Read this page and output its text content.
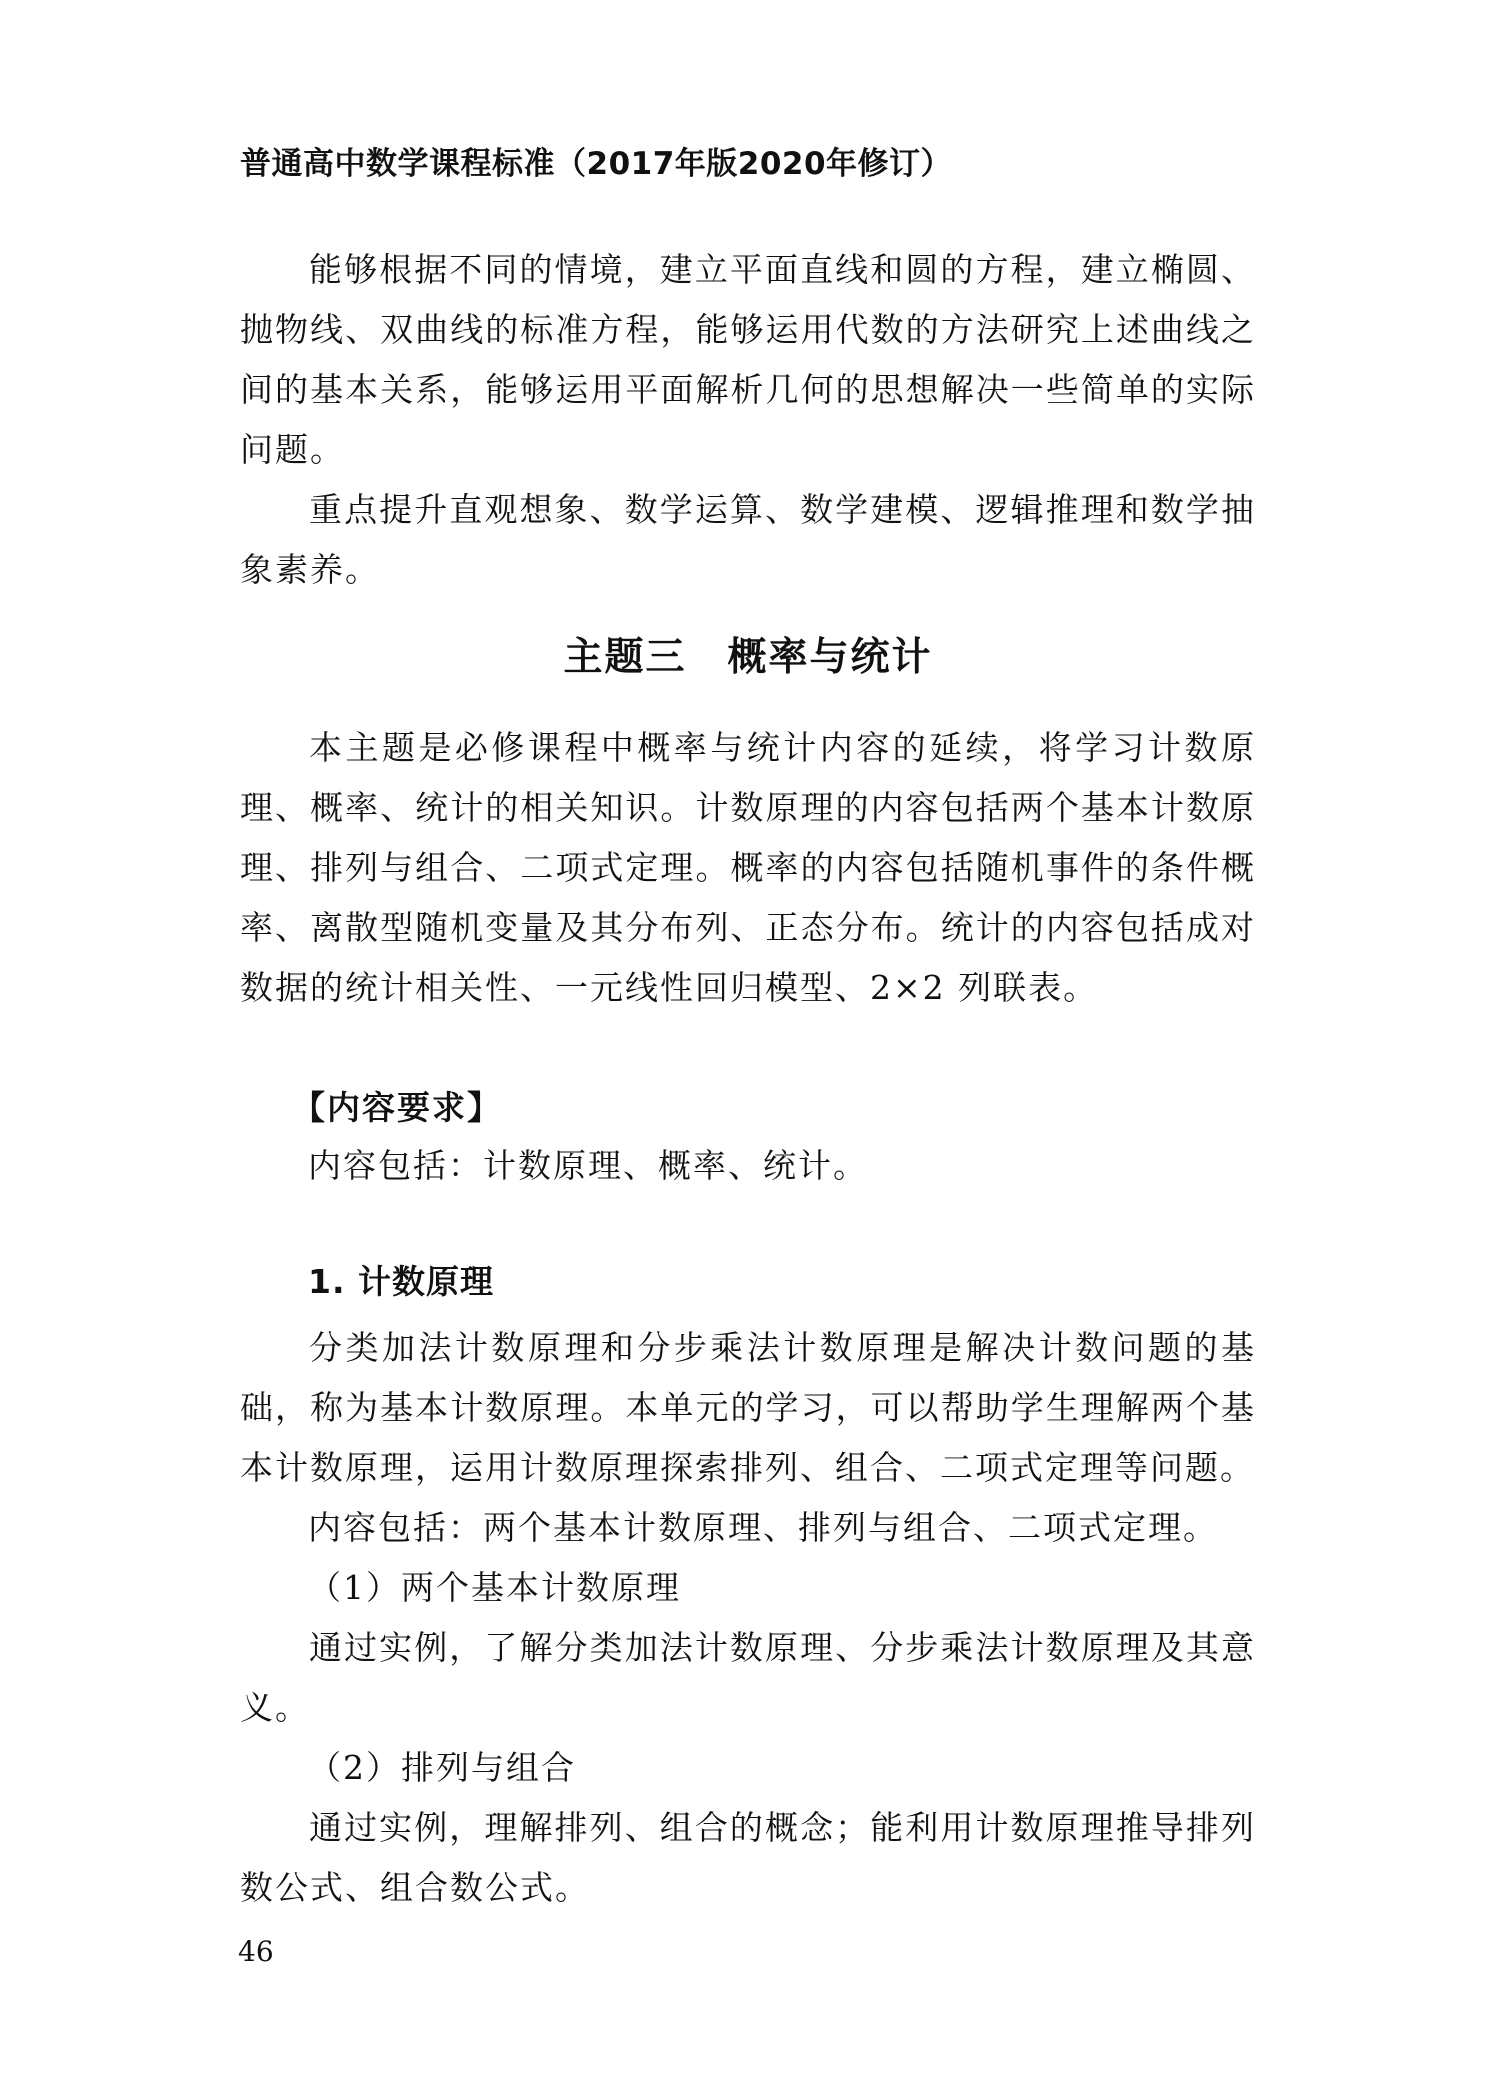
普通高中数学课程标准（2017年版2020年修订）

能够根据不同的情境，建立平面直线和圆的方程，建立椭圆、抛物线、双曲线的标准方程，能够运用代数的方法研究上述曲线之间的基本关系，能够运用平面解析几何的思想解决一些简单的实际问题。

重点提升直观想象、数学运算、数学建模、逻辑推理和数学抽象素养。

主题三　概率与统计

本主题是必修课程中概率与统计内容的延续，将学习计数原理、概率、统计的相关知识。计数原理的内容包括两个基本计数原理、排列与组合、二项式定理。概率的内容包括随机事件的条件概率、离散型随机变量及其分布列、正态分布。统计的内容包括成对数据的统计相关性、一元线性回归模型、2×2 列联表。

【内容要求】

内容包括：计数原理、概率、统计。

1. 计数原理

分类加法计数原理和分步乘法计数原理是解决计数问题的基础，称为基本计数原理。本单元的学习，可以帮助学生理解两个基本计数原理，运用计数原理探索排列、组合、二项式定理等问题。

内容包括：两个基本计数原理、排列与组合、二项式定理。

（1）两个基本计数原理

通过实例，了解分类加法计数原理、分步乘法计数原理及其意义。

（2）排列与组合

通过实例，理解排列、组合的概念；能利用计数原理推导排列数公式、组合数公式。

46
